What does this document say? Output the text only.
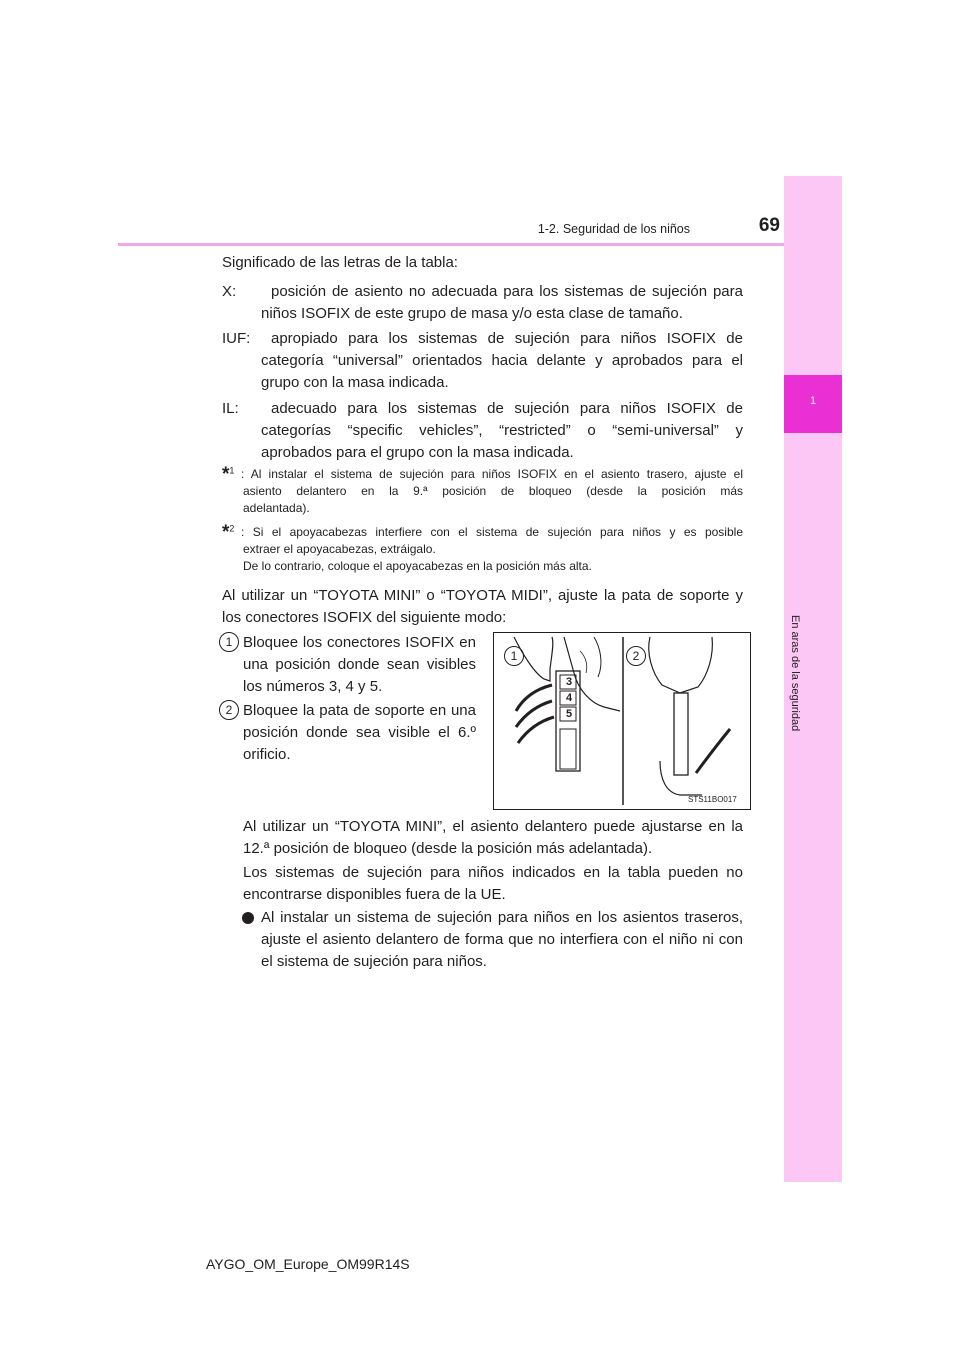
1-2. Seguridad de los niños	69
1
En aras de la seguridad
Significado de las letras de la tabla:
X:	posición de asiento no adecuada para los sistemas de sujeción para
niños ISOFIX de este grupo de masa y/o esta clase de tamaño.
IUF:	apropiado para los sistemas de sujeción para niños ISOFIX de
categoría “universal” orientados hacia delante y aprobados para el
grupo con la masa indicada.
IL:	adecuado para los sistemas de sujeción para niños ISOFIX de
categorías “specific vehicles”, “restricted” o “semi-universal” y
aprobados para el grupo con la masa indicada.
*$^1$ : Al instalar el sistema de sujeción para niños ISOFIX en el asiento trasero, ajuste el
asiento delantero en la 9.ª posición de bloqueo (desde la posición más
adelantada).
*$^2$ : Si el apoyacabezas interfiere con el sistema de sujeción para niños y es posible
extraer el apoyacabezas, extráigalo.
De lo contrario, coloque el apoyacabezas en la posición más alta.
Al utilizar un “TOYOTA MINI” o “TOYOTA MIDI”, ajuste la pata de soporte y
los conectores ISOFIX del siguiente modo:
1 Bloquee los conectores ISOFIX en
una posición donde sean visibles
los números 3, 4 y 5.
2 Bloquee la pata de soporte en una
posición donde sea visible el 6.º
orificio.
1	2
3
4
5
STS11BO017
Al utilizar un “TOYOTA MINI”, el asiento delantero puede ajustarse en la
12.ª posición de bloqueo (desde la posición más adelantada).
Los sistemas de sujeción para niños indicados en la tabla pueden no
encontrarse disponibles fuera de la UE.
Al instalar un sistema de sujeción para niños en los asientos traseros,
ajuste el asiento delantero de forma que no interfiera con el niño ni con
el sistema de sujeción para niños.
AYGO_OM_Europe_OM99R14S
